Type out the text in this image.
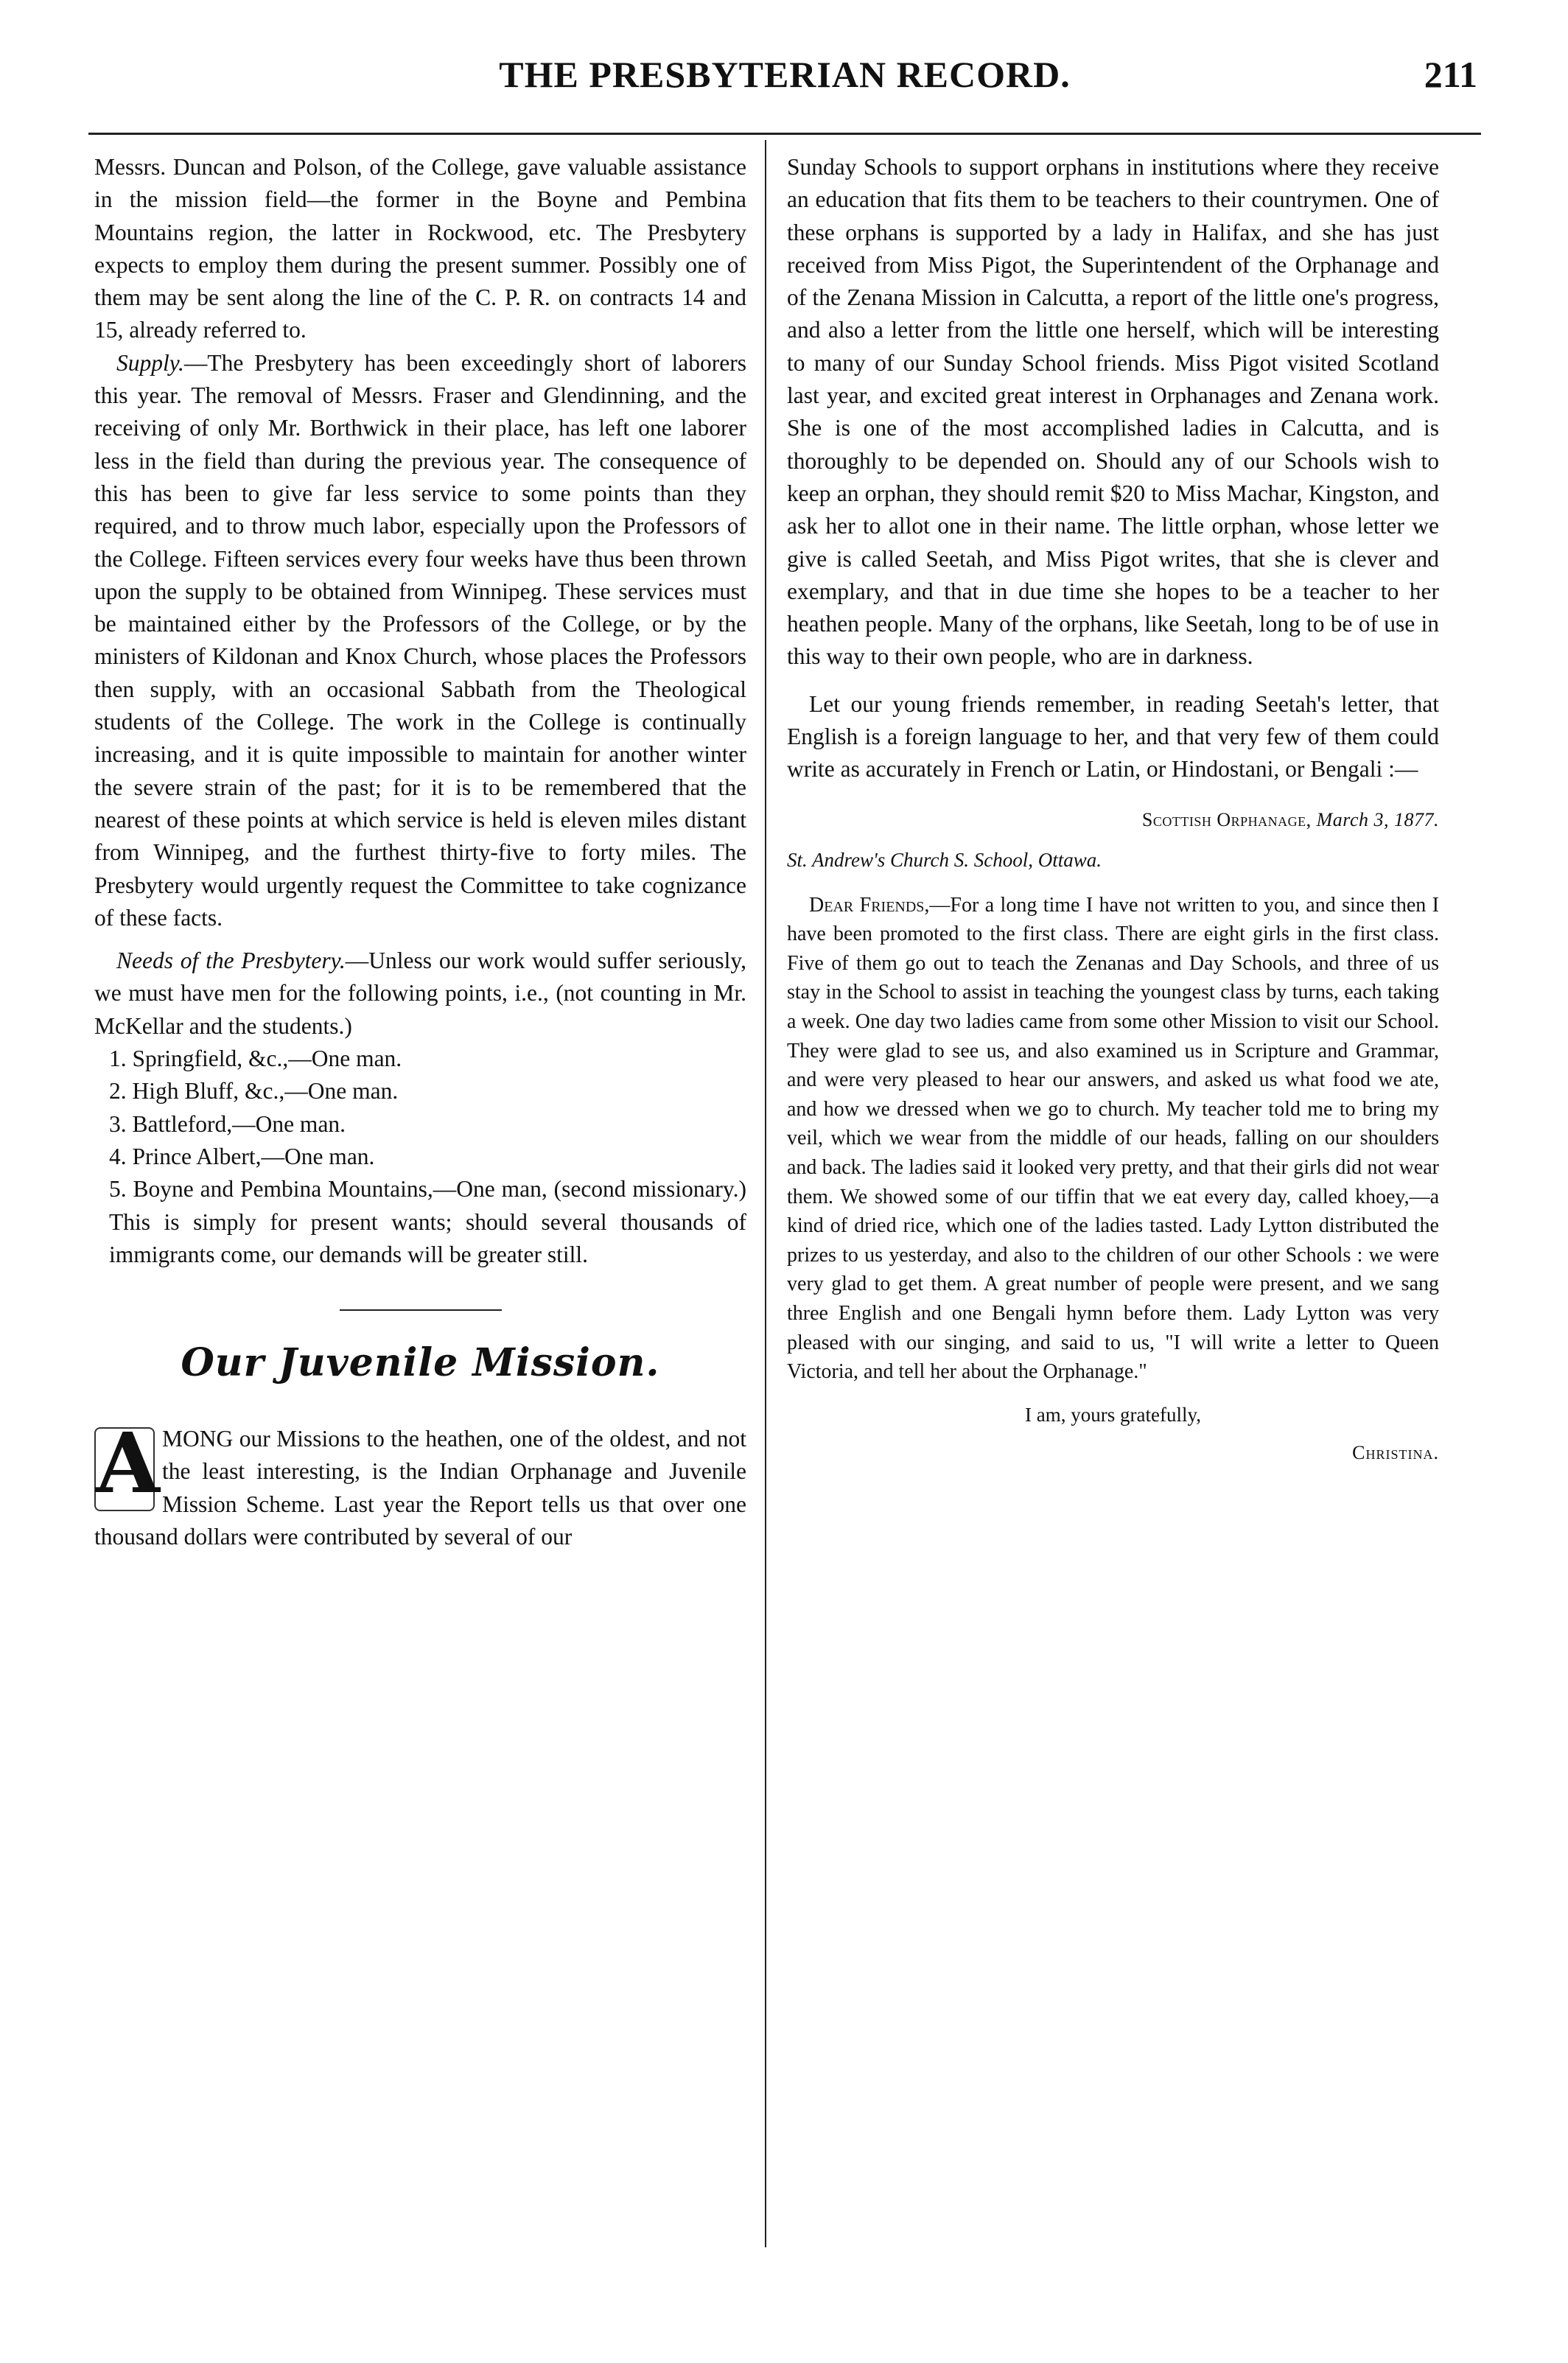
THE PRESBYTERIAN RECORD.	211

Messrs. Duncan and Polson, of the College, gave valuable assistance in the mission field—the former in the Boyne and Pembina Mountains region, the latter in Rockwood, etc. The Presbytery expects to employ them during the present summer. Possibly one of them may be sent along the line of the C. P. R. on contracts 14 and 15, already referred to.

Supply.—The Presbytery has been exceedingly short of laborers this year. The removal of Messrs. Fraser and Glendinning, and the receiving of only Mr. Borthwick in their place, has left one laborer less in the field than during the previous year. The consequence of this has been to give far less service to some points than they required, and to throw much labor, especially upon the Professors of the College. Fifteen services every four weeks have thus been thrown upon the supply to be obtained from Winnipeg. These services must be maintained either by the Professors of the College, or by the ministers of Kildonan and Knox Church, whose places the Professors then supply, with an occasional Sabbath from the Theological students of the College. The work in the College is continually increasing, and it is quite impossible to maintain for another winter the severe strain of the past; for it is to be remembered that the nearest of these points at which service is held is eleven miles distant from Winnipeg, and the furthest thirty-five to forty miles. The Presbytery would urgently request the Committee to take cognizance of these facts.

Needs of the Presbytery.—Unless our work would suffer seriously, we must have men for the following points, i.e., (not counting in Mr. McKellar and the students.)

1. Springfield, &c.,—One man.
2. High Bluff, &c.,—One man.
3. Battleford,—One man.
4. Prince Albert,—One man.
5. Boyne and Pembina Mountains,—One man, (second missionary.) This is simply for present wants; should several thousands of immigrants come, our demands will be greater still.
Our Juvenile Mission.
A MONG our Missions to the heathen, one of the oldest, and not the least interesting, is the Indian Orphanage and Juvenile Mission Scheme. Last year the Report tells us that over one thousand dollars were contributed by several of our

Sunday Schools to support orphans in institutions where they receive an education that fits them to be teachers to their countrymen. One of these orphans is supported by a lady in Halifax, and she has just received from Miss Pigot, the Superintendent of the Orphanage and of the Zenana Mission in Calcutta, a report of the little one's progress, and also a letter from the little one herself, which will be interesting to many of our Sunday School friends. Miss Pigot visited Scotland last year, and excited great interest in Orphanages and Zenana work. She is one of the most accomplished ladies in Calcutta, and is thoroughly to be depended on. Should any of our Schools wish to keep an orphan, they should remit $20 to Miss Machar, Kingston, and ask her to allot one in their name. The little orphan, whose letter we give is called Seetah, and Miss Pigot writes, that she is clever and exemplary, and that in due time she hopes to be a teacher to her heathen people. Many of the orphans, like Seetah, long to be of use in this way to their own people, who are in darkness.

Let our young friends remember, in reading Seetah's letter, that English is a foreign language to her, and that very few of them could write as accurately in French or Latin, or Hindostani, or Bengali :—

Scottish Orphanage, March 3, 1877.
St. Andrew's Church S. School, Ottawa.

Dear Friends,—For a long time I have not written to you, and since then I have been promoted to the first class. There are eight girls in the first class. Five of them go out to teach the Zenanas and Day Schools, and three of us stay in the School to assist in teaching the youngest class by turns, each taking a week. One day two ladies came from some other Mission to visit our School. They were glad to see us, and also examined us in Scripture and Grammar, and were very pleased to hear our answers, and asked us what food we ate, and how we dressed when we go to church. My teacher told me to bring my veil, which we wear from the middle of our heads, falling on our shoulders and back. The ladies said it looked very pretty, and that their girls did not wear them. We showed some of our tiffin that we eat every day, called khoey,—a kind of dried rice, which one of the ladies tasted. Lady Lytton distributed the prizes to us yesterday, and also to the children of our other Schools : we were very glad to get them. A great number of people were present, and we sang three English and one Bengali hymn before them. Lady Lytton was very pleased with our singing, and said to us, "I will write a letter to Queen Victoria, and tell her about the Orphanage."

I am, yours gratefully,
Christina.
